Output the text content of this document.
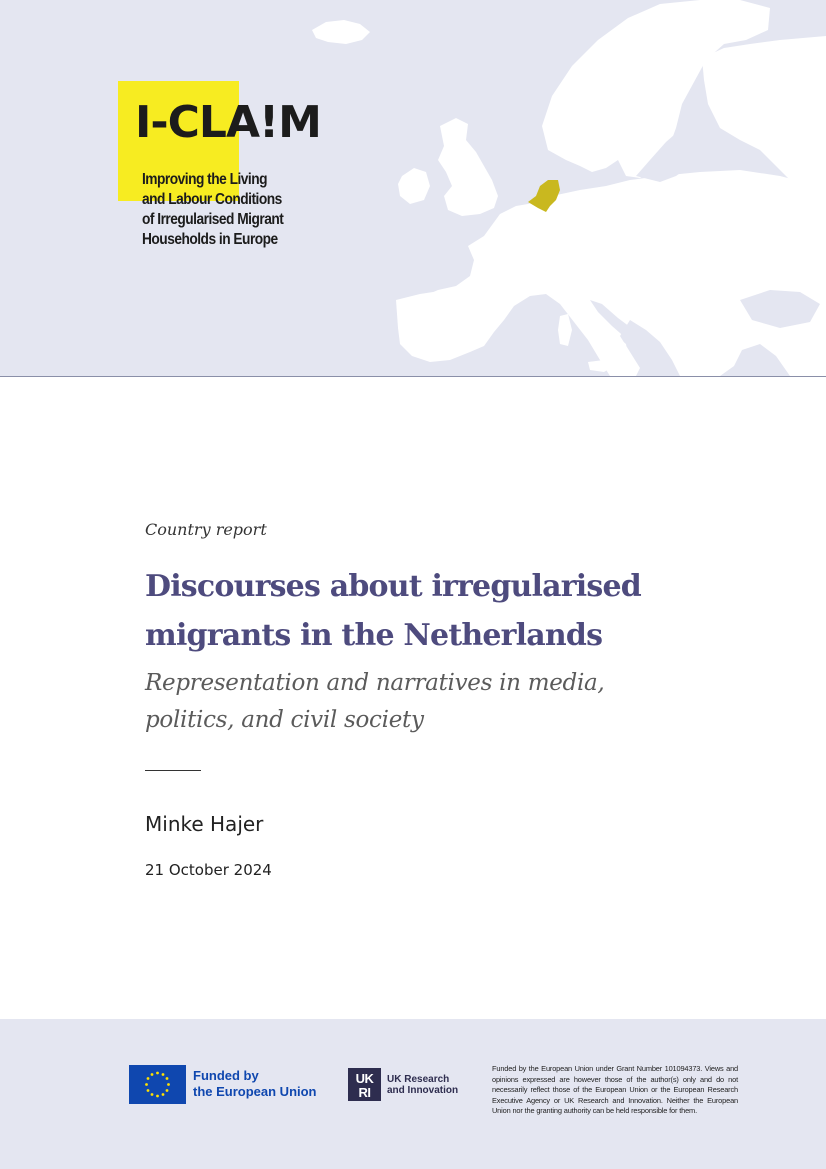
I-CLA!M
Improving the Living
and Labour Conditions
of Irregularised Migrant
Households in Europe
Country report
Discourses about irregularised
migrants in the Netherlands
Representation and narratives in media,
politics, and civil society
Minke Hajer
21 October 2024
Funded by
the European Union
UK
RI
UK Research
and Innovation
Funded by the European Union under Grant Number 101094373. Views and opinions expressed are however those of the author(s) only and do not necessarily reflect those of the European Union or the European Research Executive Agency or UK Research and Innovation. Neither the European Union nor the granting authority can be held responsible for them.
